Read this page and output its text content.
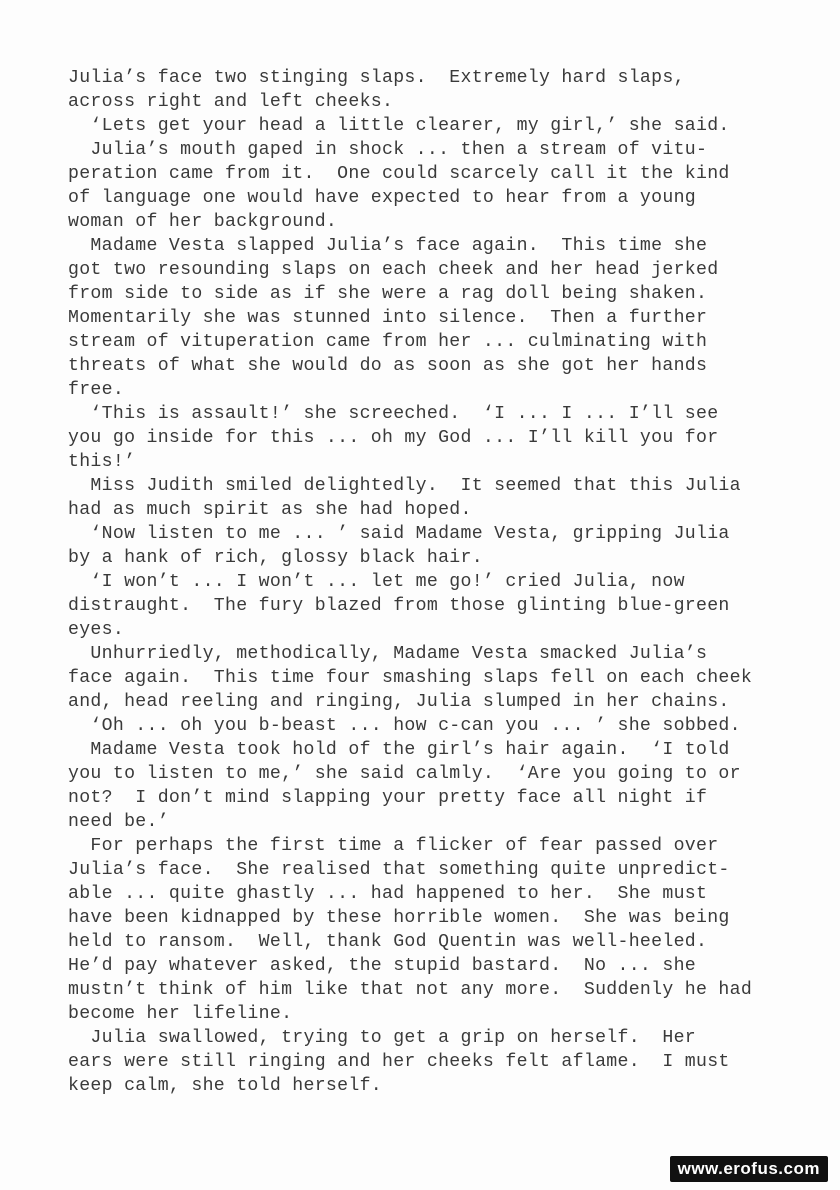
Julia’s face two stinging slaps.  Extremely hard slaps,
across right and left cheeks.
‘Lets get your head a little clearer, my girl,’ she said.
Julia’s mouth gaped in shock ... then a stream of vitu-
peration came from it.  One could scarcely call it the kind
of language one would have expected to hear from a young
woman of her background.
Madame Vesta slapped Julia’s face again.  This time she
got two resounding slaps on each cheek and her head jerked
from side to side as if she were a rag doll being shaken.
Momentarily she was stunned into silence.  Then a further
stream of vituperation came from her ... culminating with
threats of what she would do as soon as she got her hands
free.
‘This is assault!’ she screeched.  ‘I ... I ... I’ll see
you go inside for this ... oh my God ... I’ll kill you for
this!’
Miss Judith smiled delightedly.  It seemed that this Julia
had as much spirit as she had hoped.
‘Now listen to me ... ’ said Madame Vesta, gripping Julia
by a hank of rich, glossy black hair.
‘I won’t ... I won’t ... let me go!’ cried Julia, now
distraught.  The fury blazed from those glinting blue-green
eyes.
Unhurriedly, methodically, Madame Vesta smacked Julia’s
face again.  This time four smashing slaps fell on each cheek
and, head reeling and ringing, Julia slumped in her chains.
‘Oh ... oh you b-beast ... how c-can you ... ’ she sobbed.
Madame Vesta took hold of the girl’s hair again.  ‘I told
you to listen to me,’ she said calmly.  ‘Are you going to or
not?  I don’t mind slapping your pretty face all night if
need be.’
For perhaps the first time a flicker of fear passed over
Julia’s face.  She realised that something quite unpredict-
able ... quite ghastly ... had happened to her.  She must
have been kidnapped by these horrible women.  She was being
held to ransom.  Well, thank God Quentin was well-heeled.
He’d pay whatever asked, the stupid bastard.  No ... she
mustn’t think of him like that not any more.  Suddenly he had
become her lifeline.
Julia swallowed, trying to get a grip on herself.  Her
ears were still ringing and her cheeks felt aflame.  I must
keep calm, she told herself.
www.erofus.com
